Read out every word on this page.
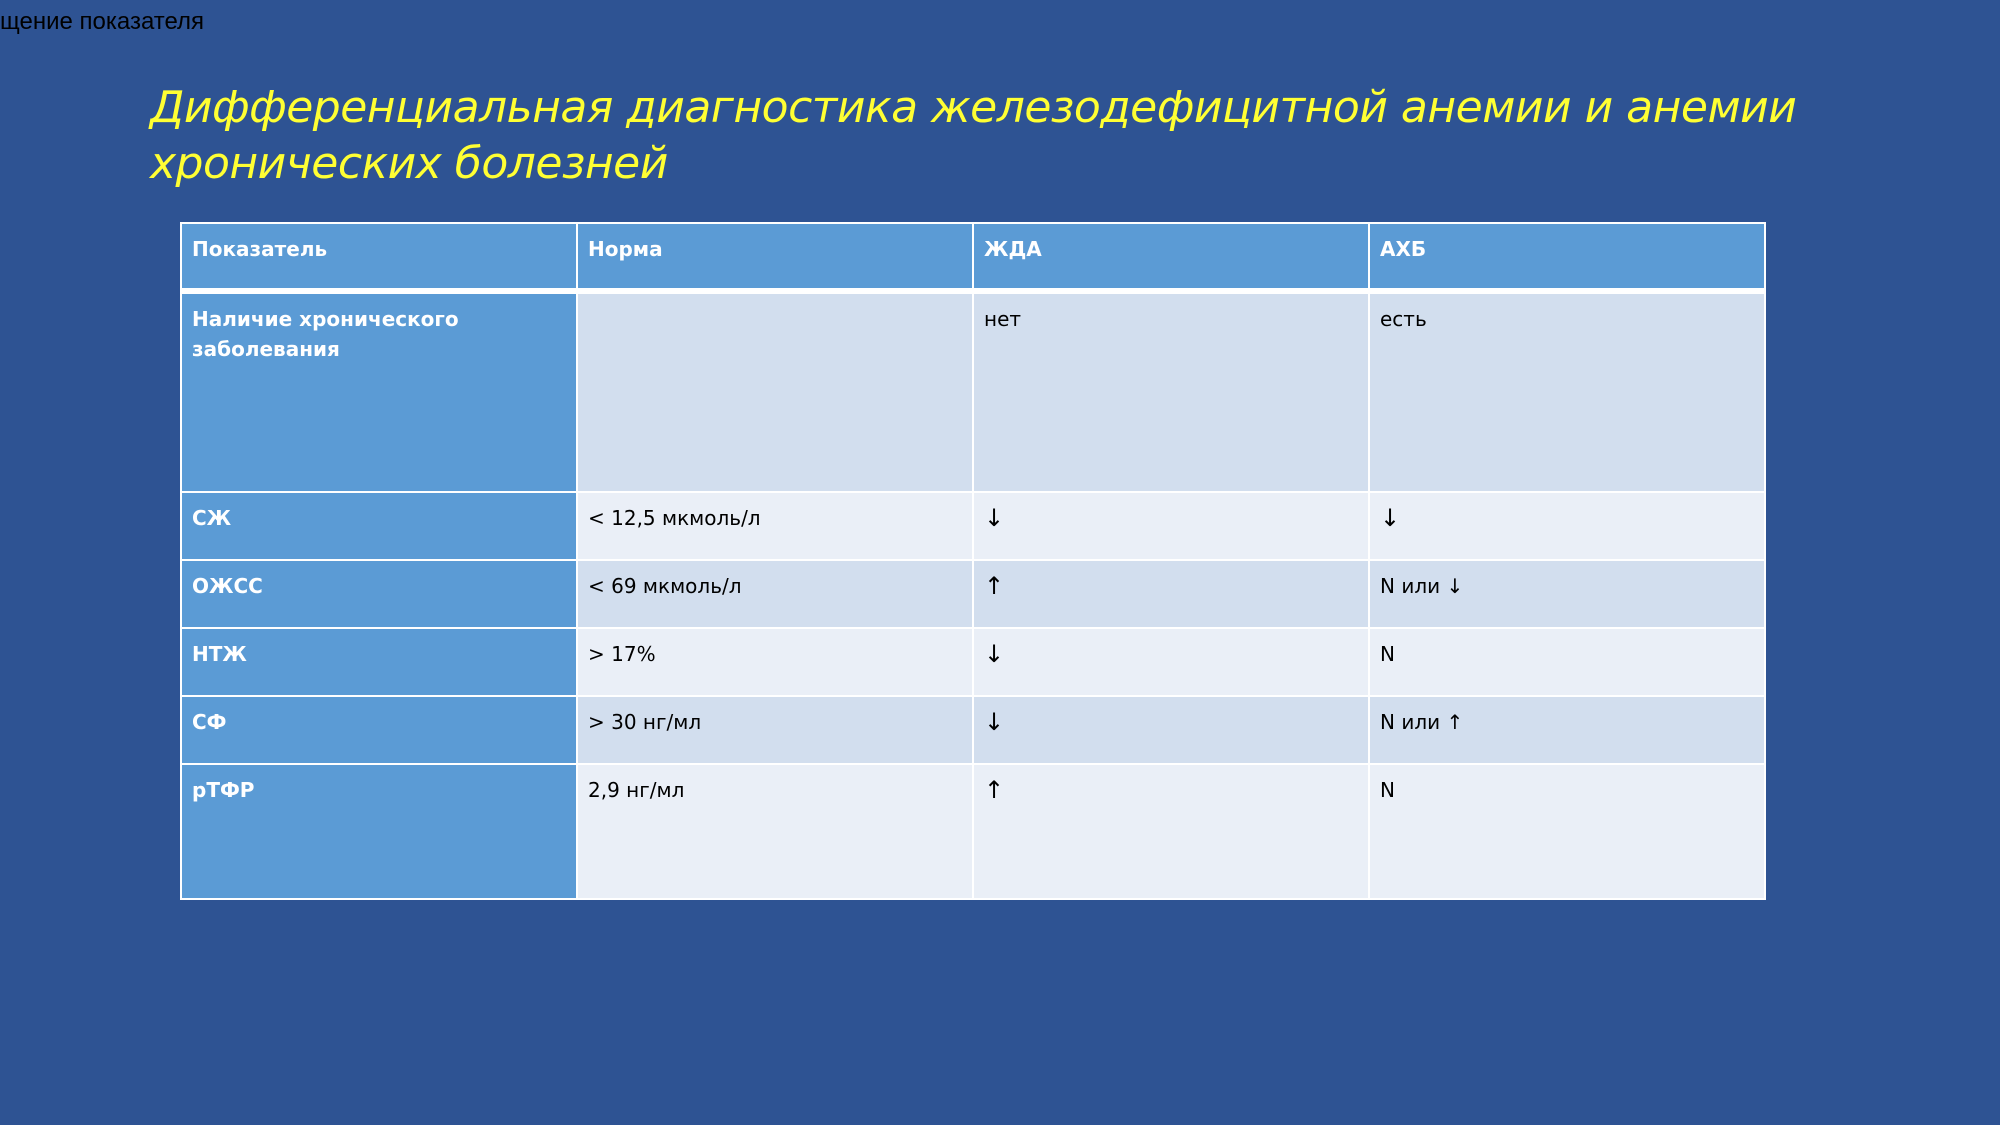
щение показателя
Дифференциальная диагностика железодефицитной анемии и анемии
хронических болезней
Показатель	Норма	ЖДА	АХБ
Наличие хронического заболевания		нет	есть
СЖ	< 12,5 мкмоль/л	↓	↓
ОЖСС	< 69 мкмоль/л	↑	N или ↓
НТЖ	> 17%	↓	N
СФ	> 30 нг/мл	↓	N или ↑
рТФР	2,9 нг/мл	↑	N
